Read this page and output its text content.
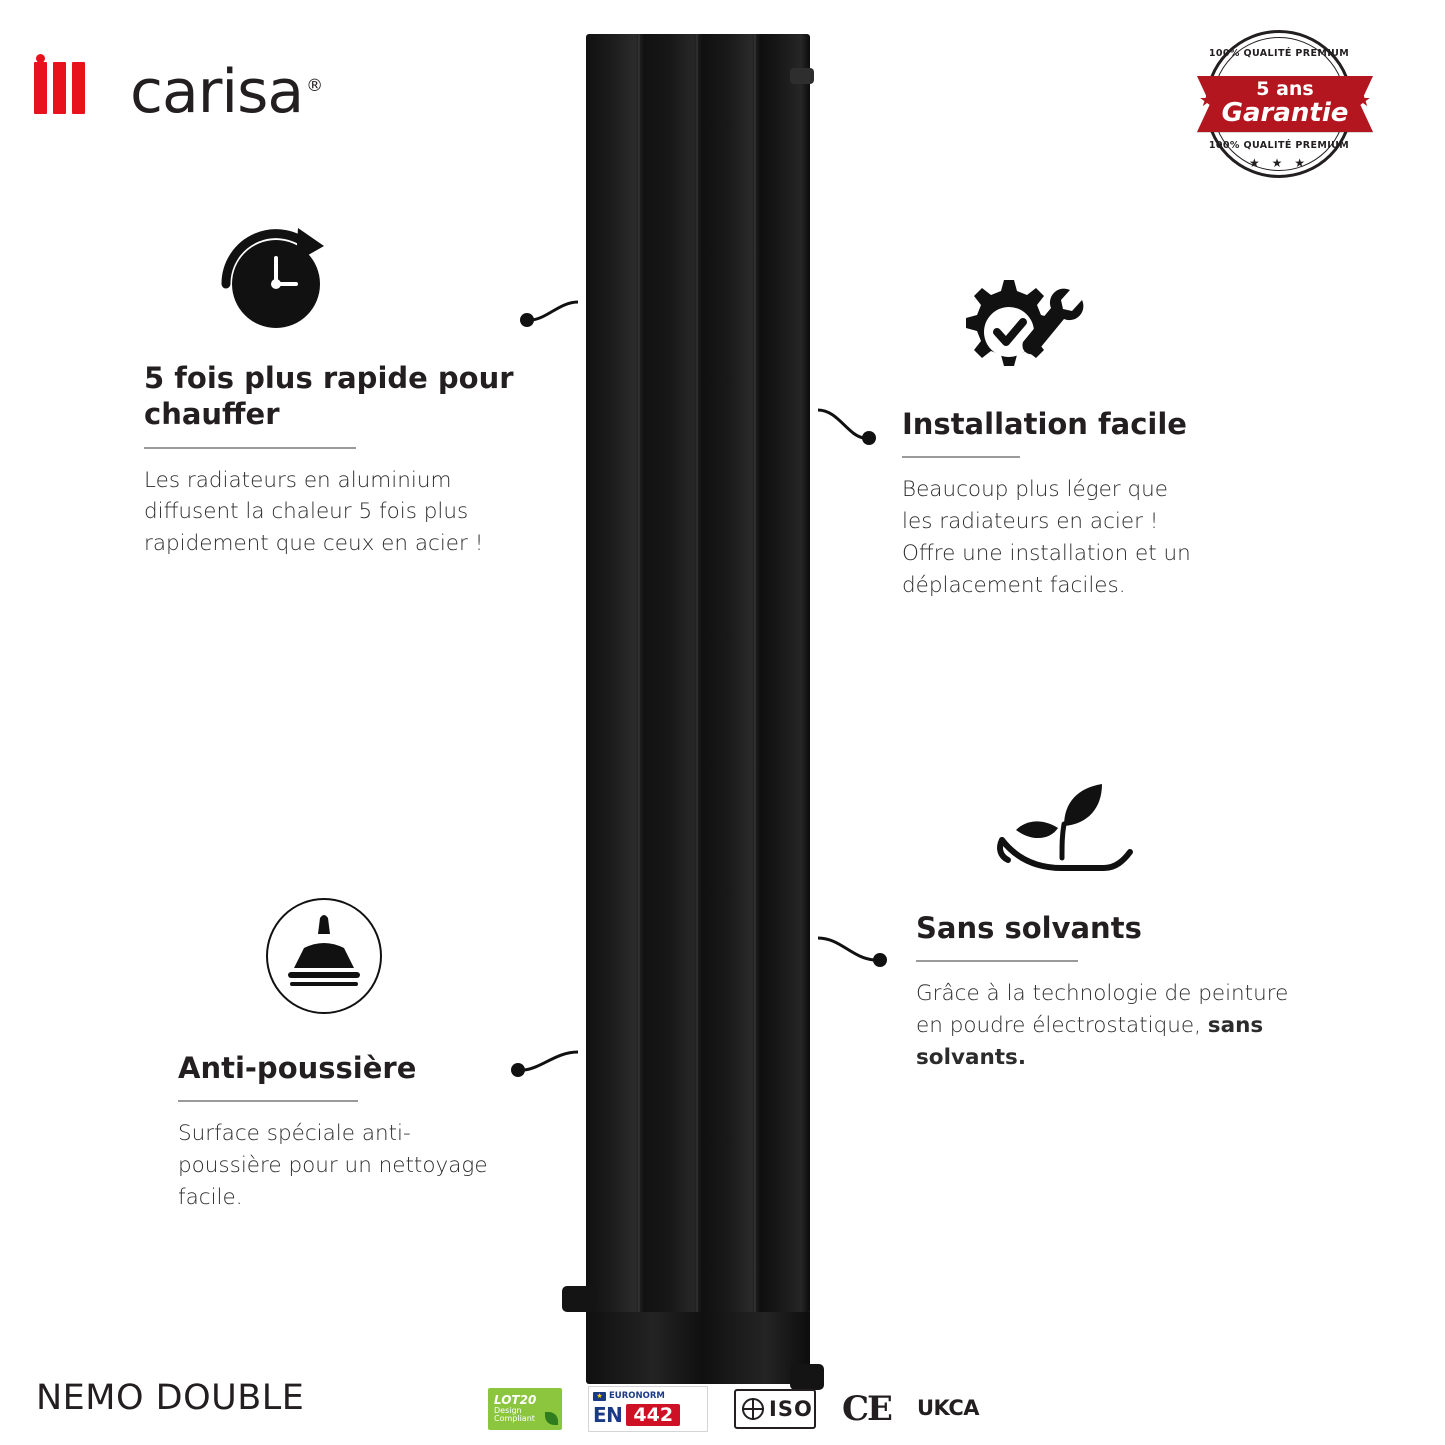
carisa ®
100% QUALITÉ PREMIUM
100% QUALITÉ PREMIUM
★ ★ ★
5 ans
Garantie
★	★
5 fois plus rapide pour chauffer

Les radiateurs en aluminium diffusent la chaleur 5 fois plus rapidement que ceux en acier !

Installation facile

Beaucoup plus léger que les radiateurs en acier ! Offre une installation et un déplacement faciles.

Anti-poussière

Surface spéciale anti-poussière pour un nettoyage facile.

Sans solvants

Grâce à la technologie de peinture en poudre électrostatique, sans solvants.

NEMO DOUBLE	LOT20
Design
Compliant
★ EURONORM
EN 442	ISO CE UKCA
